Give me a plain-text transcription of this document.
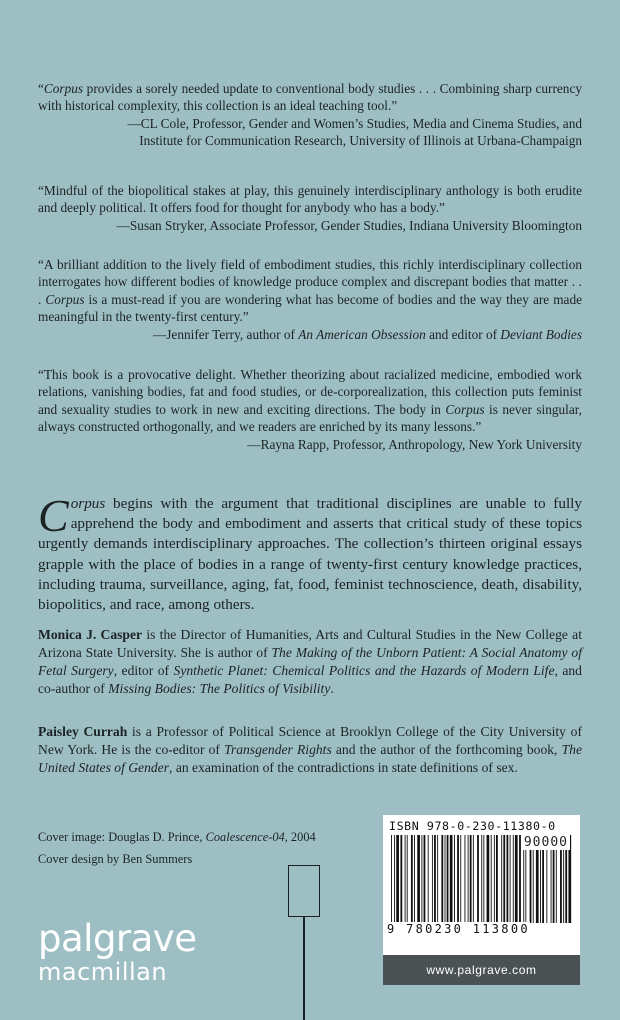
“Corpus provides a sorely needed update to conventional body studies . . . Combining sharp currency with historical complexity, this collection is an ideal teaching tool.”

—CL Cole, Professor, Gender and Women’s Studies, Media and Cinema Studies, and

Institute for Communication Research, University of Illinois at Urbana-Champaign

“Mindful of the biopolitical stakes at play, this genuinely interdisciplinary anthology is both erudite and deeply political. It offers food for thought for anybody who has a body.”

—Susan Stryker, Associate Professor, Gender Studies, Indiana University Bloomington

“A brilliant addition to the lively field of embodiment studies, this richly interdisciplinary collection interrogates how different bodies of knowledge produce complex and discrepant bodies that matter . . . Corpus is a must-read if you are wondering what has become of bodies and the way they are made meaningful in the twenty-first century.”

—Jennifer Terry, author of An American Obsession and editor of Deviant Bodies

“This book is a provocative delight. Whether theorizing about racialized medicine, embodied work relations, vanishing bodies, fat and food studies, or de-corporealization, this collection puts feminist and sexuality studies to work in new and exciting directions. The body in Corpus is never singular, always constructed orthogonally, and we readers are enriched by its many lessons.”

—Rayna Rapp, Professor, Anthropology, New York University

Corpus begins with the argument that traditional disciplines are unable to fully apprehend the body and embodiment and asserts that critical study of these topics urgently demands interdisciplinary approaches. The collection’s thirteen original essays grapple with the place of bodies in a range of twenty-first century knowledge practices, including trauma, surveillance, aging, fat, food, feminist technoscience, death, disability, biopolitics, and race, among others.
Monica J. Casper is the Director of Humanities, Arts and Cultural Studies in the New College at Arizona State University. She is author of The Making of the Unborn Patient: A Social Anatomy of Fetal Surgery, editor of Synthetic Planet: Chemical Politics and the Hazards of Modern Life, and co-author of Missing Bodies: The Politics of Visibility.
Paisley Currah is a Professor of Political Science at Brooklyn College of the City University of New York. He is the co-editor of Transgender Rights and the author of the forthcoming book, The United States of Gender, an examination of the contradictions in state definitions of sex.
Cover image: Douglas D. Prince, Coalescence-04, 2004
Cover design by Ben Summers
palgrave
macmillan
ISBN 978-0-230-11380-0
90000
9 780230 113800
www.palgrave.com
